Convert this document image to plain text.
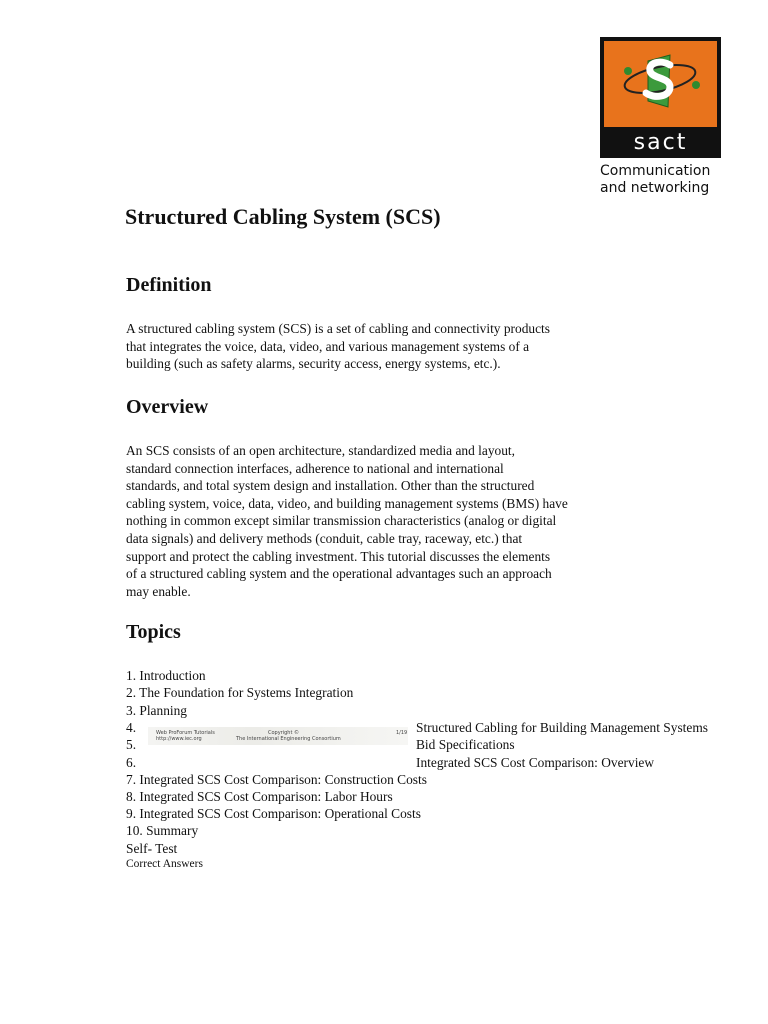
sact
Communication
and networking
Structured Cabling System (SCS)
Definition
A structured cabling system (SCS) is a set of cabling and connectivity products
that integrates the voice, data, video, and various management systems of a
building (such as safety alarms, security access, energy systems, etc.).
Overview
An SCS consists of an open architecture, standardized media and layout,
standard connection interfaces, adherence to national and international
standards, and total system design and installation. Other than the structured
cabling system, voice, data, video, and building management systems (BMS) have
nothing in common except similar transmission characteristics (analog or digital
data signals) and delivery methods (conduit, cable tray, raceway, etc.) that
support and protect the cabling investment. This tutorial discusses the elements
of a structured cabling system and the operational advantages such an approach
may enable.
Topics
1. Introduction
2. The Foundation for Systems Integration
3. Planning
4.	Structured Cabling for Building Management Systems
5.	Bid Specifications
6.	Integrated SCS Cost Comparison: Overview
Web ProForum Tutorials
http://www.iec.org
Copyright ©
The International Engineering Consortium
1/19
7. Integrated SCS Cost Comparison: Construction Costs
8. Integrated SCS Cost Comparison: Labor Hours
9. Integrated SCS Cost Comparison: Operational Costs
10. Summary
Self- Test
Correct Answers
